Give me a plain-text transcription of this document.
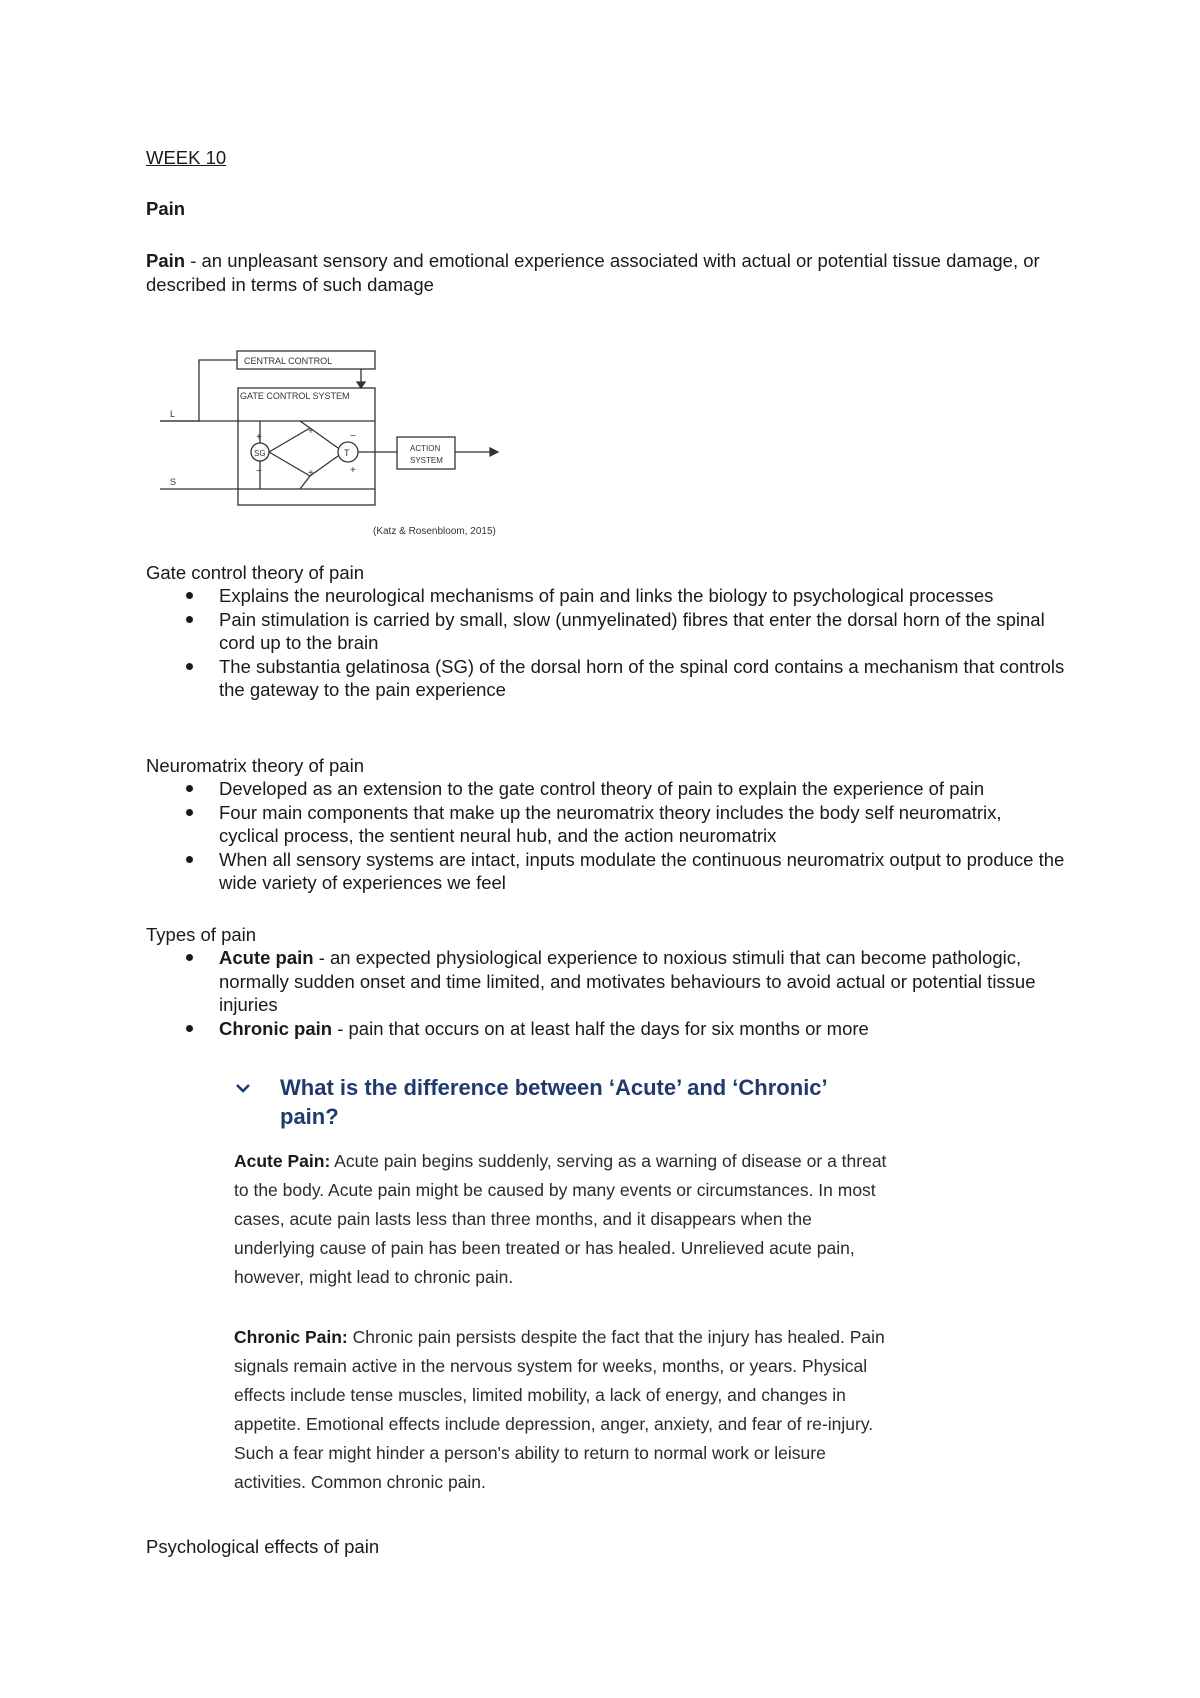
WEEK 10
Pain
Pain - an unpleasant sensory and emotional experience associated with actual or potential tissue damage, or described in terms of such damage
CENTRAL CONTROL
GATE CONTROL SYSTEM
SG	T	ACTION
SYSTEM
L
S
+
−
+
+
−
+
(Katz & Rosenbloom, 2015)
Gate control theory of pain
Explains the neurological mechanisms of pain and links the biology to psychological processes
Pain stimulation is carried by small, slow (unmyelinated) fibres that enter the dorsal horn of the spinal cord up to the brain
The substantia gelatinosa (SG) of the dorsal horn of the spinal cord contains a mechanism that controls the gateway to the pain experience
Neuromatrix theory of pain
Developed as an extension to the gate control theory of pain to explain the experience of pain
Four main components that make up the neuromatrix theory includes the body self neuromatrix, cyclical process, the sentient neural hub, and the action neuromatrix
When all sensory systems are intact, inputs modulate the continuous neuromatrix output to produce the wide variety of experiences we feel
Types of pain
Acute pain - an expected physiological experience to noxious stimuli that can become pathologic, normally sudden onset and time limited, and motivates behaviours to avoid actual or potential tissue injuries
Chronic pain - pain that occurs on at least half the days for six months or more
What is the difference between ‘Acute’ and ‘Chronic’ pain?
Acute Pain: Acute pain begins suddenly, serving as a warning of disease or a threat to the body. Acute pain might be caused by many events or circumstances. In most cases, acute pain lasts less than three months, and it disappears when the underlying cause of pain has been treated or has healed. Unrelieved acute pain, however, might lead to chronic pain.
Chronic Pain: Chronic pain persists despite the fact that the injury has healed. Pain signals remain active in the nervous system for weeks, months, or years. Physical effects include tense muscles, limited mobility, a lack of energy, and changes in appetite. Emotional effects include depression, anger, anxiety, and fear of re-injury. Such a fear might hinder a person's ability to return to normal work or leisure activities. Common chronic pain.
Psychological effects of pain
